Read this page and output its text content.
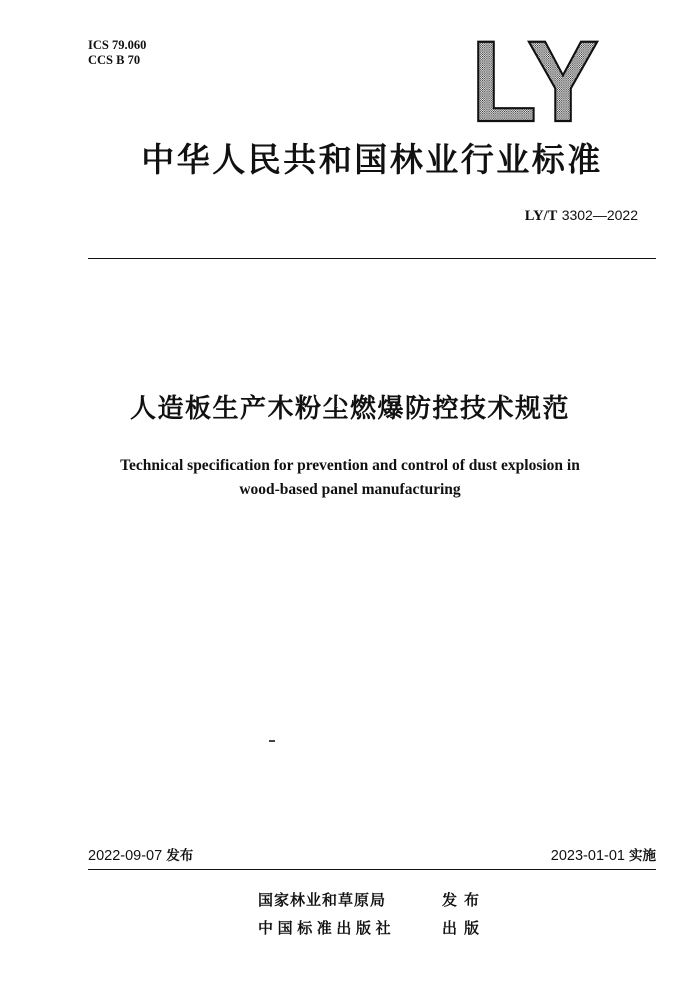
ICS 79.060
CCS B 70	LY
中华人民共和国林业行业标准
LY/T 3302—2022
人造板生产木粉尘燃爆防控技术规范
Technical specification for prevention and control of dust explosion in
wood-based panel manufacturing
2022-09-07 发布	2023-01-01 实施
国家林业和草原局	发布
中国标准出版社	出版
